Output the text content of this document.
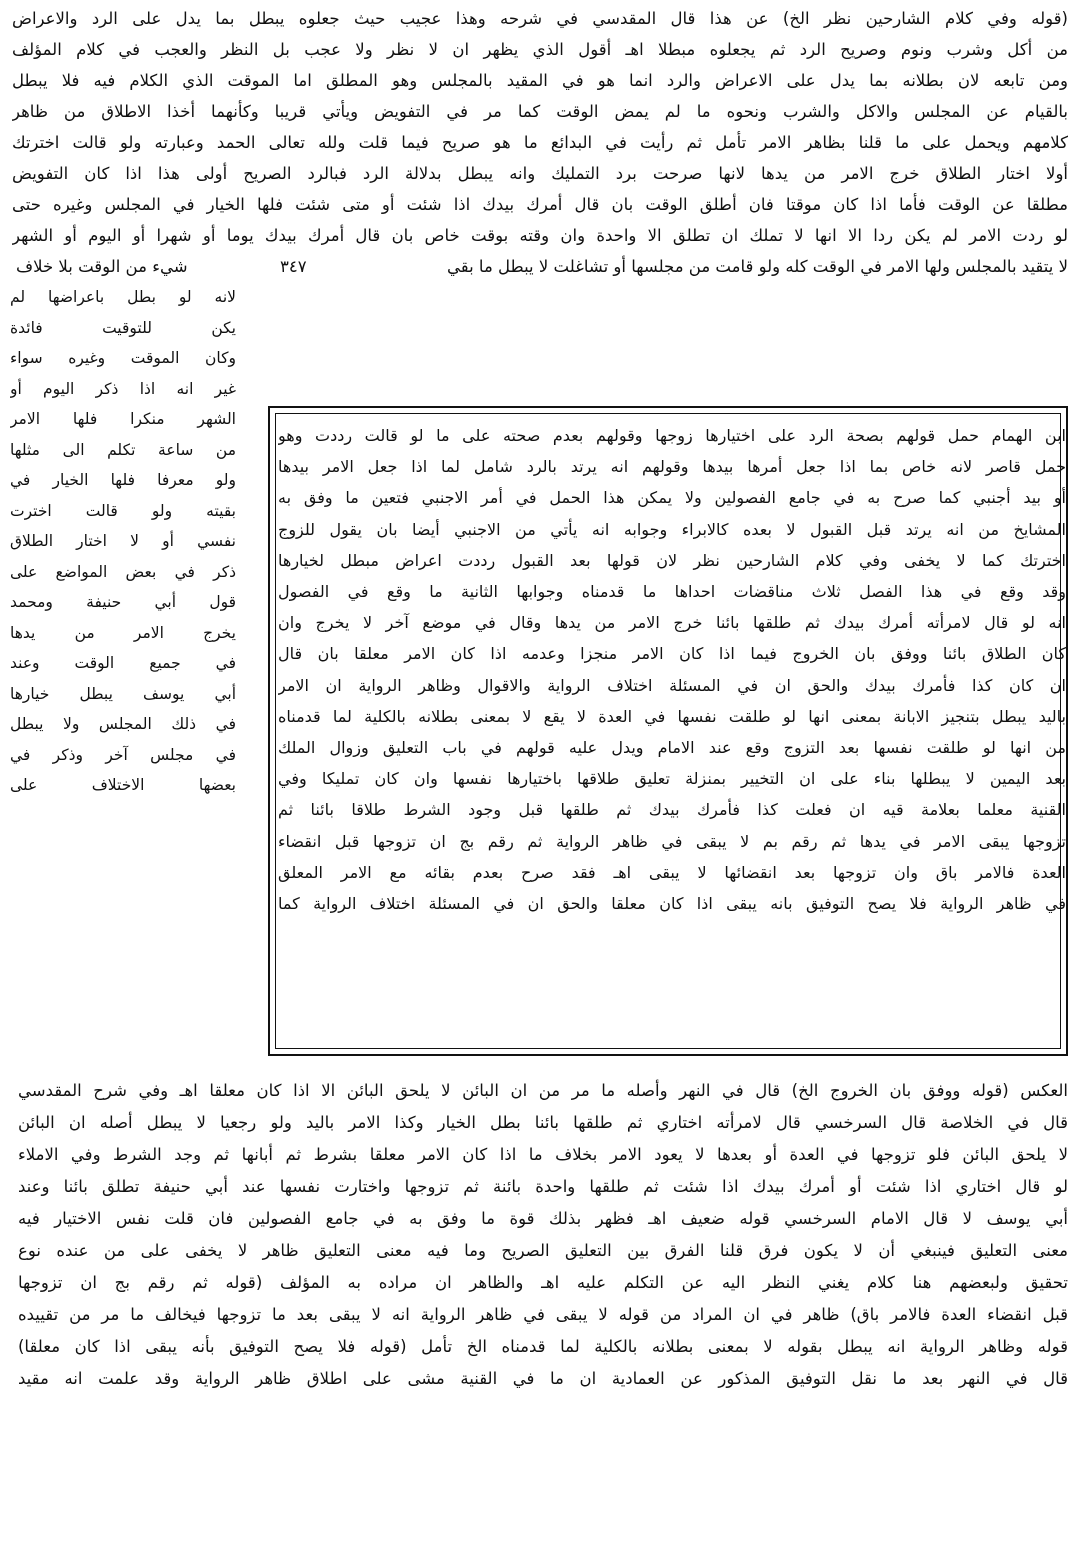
(قوله وفي كلام الشارحين نظر الخ) عن هذا قال المقدسي في شرحه وهذا عجيب حيث جعلوه يبطل بما يدل على الرد والاعراض
من أكل وشرب ونوم وصريح الرد ثم يجعلوه مبطلا اهـ أقول الذي يظهر ان لا نظر ولا عجب بل النظر والعجب في كلام المؤلف
ومن تابعه لان بطلانه بما يدل على الاعراض والرد انما هو في المقيد بالمجلس وهو المطلق اما الموقت الذي الكلام فيه فلا يبطل
بالقيام عن المجلس والاكل والشرب ونحوه ما لم يمض الوقت كما مر في التفويض ويأتي قريبا وكأنهما أخذا الاطلاق من ظاهر
كلامهم ويحمل على ما قلنا بظاهر الامر تأمل ثم رأيت في البدائع ما هو صريح فيما قلت ولله تعالى الحمد وعبارته ولو قالت اخترتك
أولا اختار الطلاق خرج الامر من يدها لانها صرحت برد التمليك وانه يبطل بدلالة الرد فبالرد الصريح أولى هذا اذا كان التفويض
مطلقا عن الوقت فأما اذا كان موقتا فان أطلق الوقت بان قال أمرك بيدك اذا شئت أو متى شئت فلها الخيار في المجلس وغيره حتى
لو ردت الامر لم يكن ردا الا انها لا تملك ان تطلق الا واحدة وان وقته بوقت خاص بان قال أمرك بيدك يوما أو شهرا أو اليوم أو الشهر
لا يتقيد بالمجلس ولها الامر في الوقت كله ولو قامت من مجلسها أو تشاغلت لا يبطل ما بقي
٣٤٧
شيء من الوقت بلا خلاف
لانه لو بطل باعراضها لم
يكن للتوقيت فائدة
وكان الموقت وغيره سواء
غير انه اذا ذكر اليوم أو
الشهر منكرا فلها الامر
من ساعة تكلم الى مثلها
ولو معرفا فلها الخيار في
بقيته ولو قالت اخترت
نفسي أو لا اختار الطلاق
ذكر في بعض المواضع على
قول أبي حنيفة ومحمد
يخرج الامر من يدها
في جميع الوقت وعند
أبي يوسف يبطل خيارها
في ذلك المجلس ولا يبطل
في مجلس آخر وذكر في
بعضها الاختلاف على
ابن الهمام حمل قولهم بصحة الرد على اختيارها زوجها وقولهم بعدم صحته على ما لو قالت رددت وهو
حمل قاصر لانه خاص بما اذا جعل أمرها بيدها وقولهم انه يرتد بالرد شامل لما اذا جعل الامر بيدها
أو بيد أجنبي كما صرح به في جامع الفصولين ولا يمكن هذا الحمل في أمر الاجنبي فتعين ما وفق به
المشايخ من انه يرتد قبل القبول لا بعده كالابراء وجوابه انه يأتي من الاجنبي أيضا بان يقول للزوج
اخترتك كما لا يخفى وفي كلام الشارحين نظر لان قولها بعد القبول رددت اعراض مبطل لخيارها
وقد وقع في هذا الفصل ثلاث مناقضات احداها ما قدمناه وجوابها الثانية ما وقع في الفصول
انه لو قال لامرأته أمرك بيدك ثم طلقها بائنا خرج الامر من يدها وقال في موضع آخر لا يخرج وان
كان الطلاق بائنا ووفق بان الخروج فيما اذا كان الامر منجزا وعدمه اذا كان الامر معلقا بان قال
ان كان كذا فأمرك بيدك والحق ان في المسئلة اختلاف الرواية والاقوال وظاهر الرواية ان الامر
باليد يبطل بتنجيز الابانة بمعنى انها لو طلقت نفسها في العدة لا يقع لا بمعنى بطلانه بالكلية لما قدمناه
من انها لو طلقت نفسها بعد التزوج وقع عند الامام ويدل عليه قولهم في باب التعليق وزوال الملك
بعد اليمين لا يبطلها بناء على ان التخيير بمنزلة تعليق طلاقها باختيارها نفسها وان كان تمليكا وفي
القنية معلما بعلامة قيه ان فعلت كذا فأمرك بيدك ثم طلقها قبل وجود الشرط طلاقا بائنا ثم
تزوجها يبقى الامر في يدها ثم رقم بم لا يبقى في ظاهر الرواية ثم رقم بج ان تزوجها قبل انقضاء
العدة فالامر باق وان تزوجها بعد انقضائها لا يبقى اهـ فقد صرح بعدم بقائه مع الامر المعلق
في ظاهر الرواية فلا يصح التوفيق بانه يبقى اذا كان معلقا والحق ان في المسئلة اختلاف الرواية كما
العكس (قوله ووفق بان الخروج الخ) قال في النهر وأصله ما مر من ان البائن لا يلحق البائن الا اذا كان معلقا اهـ وفي شرح المقدسي
قال في الخلاصة قال السرخسي قال لامرأته اختاري ثم طلقها بائنا بطل الخيار وكذا الامر باليد ولو رجعيا لا يبطل أصله ان البائن
لا يلحق البائن فلو تزوجها في العدة أو بعدها لا يعود الامر بخلاف ما اذا كان الامر معلقا بشرط ثم أبانها ثم وجد الشرط وفي الاملاء
لو قال اختاري اذا شئت أو أمرك بيدك اذا شئت ثم طلقها واحدة بائنة ثم تزوجها واختارت نفسها عند أبي حنيفة تطلق بائنا وعند
أبي يوسف لا قال الامام السرخسي قوله ضعيف اهـ فظهر بذلك قوة ما وفق به في جامع الفصولين فان قلت نفس الاختيار فيه
معنى التعليق فينبغي أن لا يكون فرق قلنا الفرق بين التعليق الصريح وما فيه معنى التعليق ظاهر لا يخفى على من عنده نوع
تحقيق ولبعضهم هنا كلام يغني النظر اليه عن التكلم عليه اهـ والظاهر ان مراده به المؤلف (قوله ثم رقم بج ان تزوجها
قبل انقضاء العدة فالامر باق) ظاهر في ان المراد من قوله لا يبقى في ظاهر الرواية انه لا يبقى بعد ما تزوجها فيخالف ما مر من تقييده
قوله وظاهر الرواية انه يبطل بقوله لا بمعنى بطلانه بالكلية لما قدمناه الخ تأمل (قوله فلا يصح التوفيق بأنه يبقى اذا كان معلقا)
قال في النهر بعد ما نقل التوفيق المذكور عن العمادية ان ما في القنية مشى على اطلاق ظاهر الرواية وقد علمت انه مقيد
